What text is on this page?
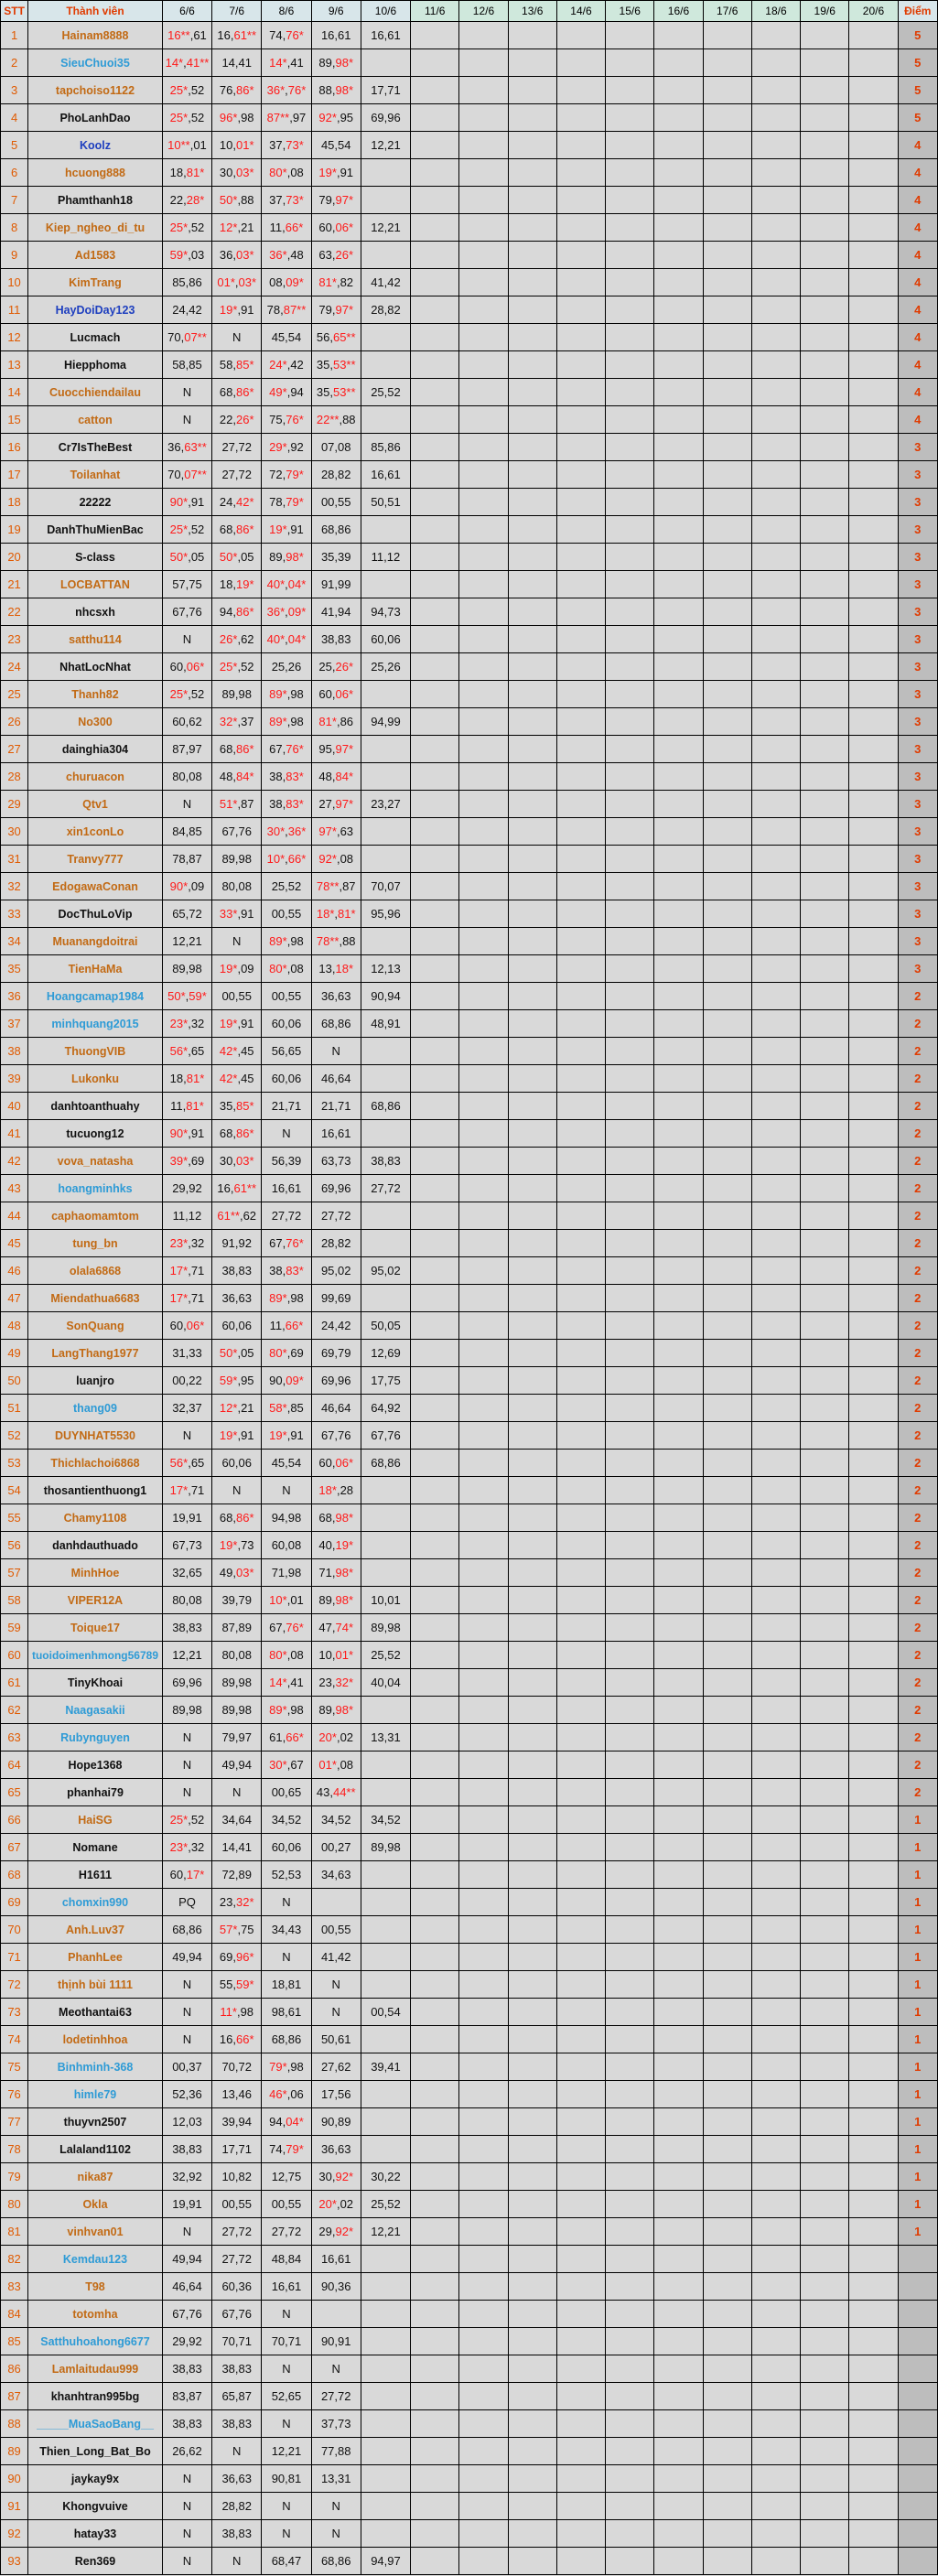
STT	Thành viên	6/6	7/6	8/6	9/6	10/6	11/6	12/6	13/6	14/6	15/6	16/6	17/6	18/6	19/6	20/6	Điểm
1	Hainam8888	16**,61	16,61**	74,76*	16,61	16,61											5
2	SieuChuoi35	14*,41**	14,41	14*,41	89,98*												5
3	tapchoiso1122	25*,52	76,86*	36*,76*	88,98*	17,71											5
4	PhoLanhDao	25*,52	96*,98	87**,97	92*,95	69,96											5
5	Koolz	10**,01	10,01*	37,73*	45,54	12,21											4
6	hcuong888	18,81*	30,03*	80*,08	19*,91												4
7	Phamthanh18	22,28*	50*,88	37,73*	79,97*												4
8	Kiep_ngheo_di_tu	25*,52	12*,21	11,66*	60,06*	12,21											4
9	Ad1583	59*,03	36,03*	36*,48	63,26*												4
10	KimTrang	85,86	01*,03*	08,09*	81*,82	41,42											4
11	HayDoiDay123	24,42	19*,91	78,87**	79,97*	28,82											4
12	Lucmach	70,07**	N	45,54	56,65**												4
13	Hiepphoma	58,85	58,85*	24*,42	35,53**												4
14	Cuocchiendailau	N	68,86*	49*,94	35,53**	25,52											4
15	catton	N	22,26*	75,76*	22**,88												4
16	Cr7IsTheBest	36,63**	27,72	29*,92	07,08	85,86											3
17	Toilanhat	70,07**	27,72	72,79*	28,82	16,61											3
18	22222	90*,91	24,42*	78,79*	00,55	50,51											3
19	DanhThuMienBac	25*,52	68,86*	19*,91	68,86												3
20	S-class	50*,05	50*,05	89,98*	35,39	11,12											3
21	LOCBATTAN	57,75	18,19*	40*,04*	91,99												3
22	nhcsxh	67,76	94,86*	36*,09*	41,94	94,73											3
23	satthu114	N	26*,62	40*,04*	38,83	60,06											3
24	NhatLocNhat	60,06*	25*,52	25,26	25,26*	25,26											3
25	Thanh82	25*,52	89,98	89*,98	60,06*												3
26	No300	60,62	32*,37	89*,98	81*,86	94,99											3
27	dainghia304	87,97	68,86*	67,76*	95,97*												3
28	churuacon	80,08	48,84*	38,83*	48,84*												3
29	Qtv1	N	51*,87	38,83*	27,97*	23,27											3
30	xin1conLo	84,85	67,76	30*,36*	97*,63												3
31	Tranvy777	78,87	89,98	10*,66*	92*,08												3
32	EdogawaConan	90*,09	80,08	25,52	78**,87	70,07											3
33	DocThuLoVip	65,72	33*,91	00,55	18*,81*	95,96											3
34	Muanangdoitrai	12,21	N	89*,98	78**,88												3
35	TienHaMa	89,98	19*,09	80*,08	13,18*	12,13											3
36	Hoangcamap1984	50*,59*	00,55	00,55	36,63	90,94											2
37	minhquang2015	23*,32	19*,91	60,06	68,86	48,91											2
38	ThuongVIB	56*,65	42*,45	56,65	N												2
39	Lukonku	18,81*	42*,45	60,06	46,64												2
40	danhtoanthuahy	11,81*	35,85*	21,71	21,71	68,86											2
41	tucuong12	90*,91	68,86*	N	16,61												2
42	vova_natasha	39*,69	30,03*	56,39	63,73	38,83											2
43	hoangminhks	29,92	16,61**	16,61	69,96	27,72											2
44	caphaomamtom	11,12	61**,62	27,72	27,72												2
45	tung_bn	23*,32	91,92	67,76*	28,82												2
46	olala6868	17*,71	38,83	38,83*	95,02	95,02											2
47	Miendathua6683	17*,71	36,63	89*,98	99,69												2
48	SonQuang	60,06*	60,06	11,66*	24,42	50,05											2
49	LangThang1977	31,33	50*,05	80*,69	69,79	12,69											2
50	luanjro	00,22	59*,95	90,09*	69,96	17,75											2
51	thang09	32,37	12*,21	58*,85	46,64	64,92											2
52	DUYNHAT5530	N	19*,91	19*,91	67,76	67,76											2
53	Thichlachoi6868	56*,65	60,06	45,54	60,06*	68,86											2
54	thosantienthuong1	17*,71	N	N	18*,28												2
55	Chamy1108	19,91	68,86*	94,98	68,98*												2
56	danhdauthuado	67,73	19*,73	60,08	40,19*												2
57	MinhHoe	32,65	49,03*	71,98	71,98*												2
58	VIPER12A	80,08	39,79	10*,01	89,98*	10,01											2
59	Toique17	38,83	87,89	67,76*	47,74*	89,98											2
60	tuoidoimenhmong56789	12,21	80,08	80*,08	10,01*	25,52											2
61	TinyKhoai	69,96	89,98	14*,41	23,32*	40,04											2
62	Naagasakii	89,98	89,98	89*,98	89,98*												2
63	Rubynguyen	N	79,97	61,66*	20*,02	13,31											2
64	Hope1368	N	49,94	30*,67	01*,08												2
65	phanhai79	N	N	00,65	43,44**												2
66	HaiSG	25*,52	34,64	34,52	34,52	34,52											1
67	Nomane	23*,32	14,41	60,06	00,27	89,98											1
68	H1611	60,17*	72,89	52,53	34,63												1
69	chomxin990	PQ	23,32*	N													1
70	Anh.Luv37	68,86	57*,75	34,43	00,55												1
71	PhanhLee	49,94	69,96*	N	41,42												1
72	thịnh bùi 1111	N	55,59*	18,81	N												1
73	Meothantai63	N	11*,98	98,61	N	00,54											1
74	lodetinhhoa	N	16,66*	68,86	50,61												1
75	Binhminh-368	00,37	70,72	79*,98	27,62	39,41											1
76	himle79	52,36	13,46	46*,06	17,56												1
77	thuyvn2507	12,03	39,94	94,04*	90,89												1
78	Lalaland1102	38,83	17,71	74,79*	36,63												1
79	nika87	32,92	10,82	12,75	30,92*	30,22											1
80	Okla	19,91	00,55	00,55	20*,02	25,52											1
81	vinhvan01	N	27,72	27,72	29,92*	12,21											1
82	Kemdau123	49,94	27,72	48,84	16,61												
83	T98	46,64	60,36	16,61	90,36												
84	totomha	67,76	67,76	N													
85	Satthuhoahong6677	29,92	70,71	70,71	90,91												
86	Lamlaitudau999	38,83	38,83	N	N												
87	khanhtran995bg	83,87	65,87	52,65	27,72												
88	_____MuaSaoBang__	38,83	38,83	N	37,73												
89	Thien_Long_Bat_Bo	26,62	N	12,21	77,88												
90	jaykay9x	N	36,63	90,81	13,31												
91	Khongvuive	N	28,82	N	N												
92	hatay33	N	38,83	N	N												
93	Ren369	N	N	68,47	68,86	94,97											
